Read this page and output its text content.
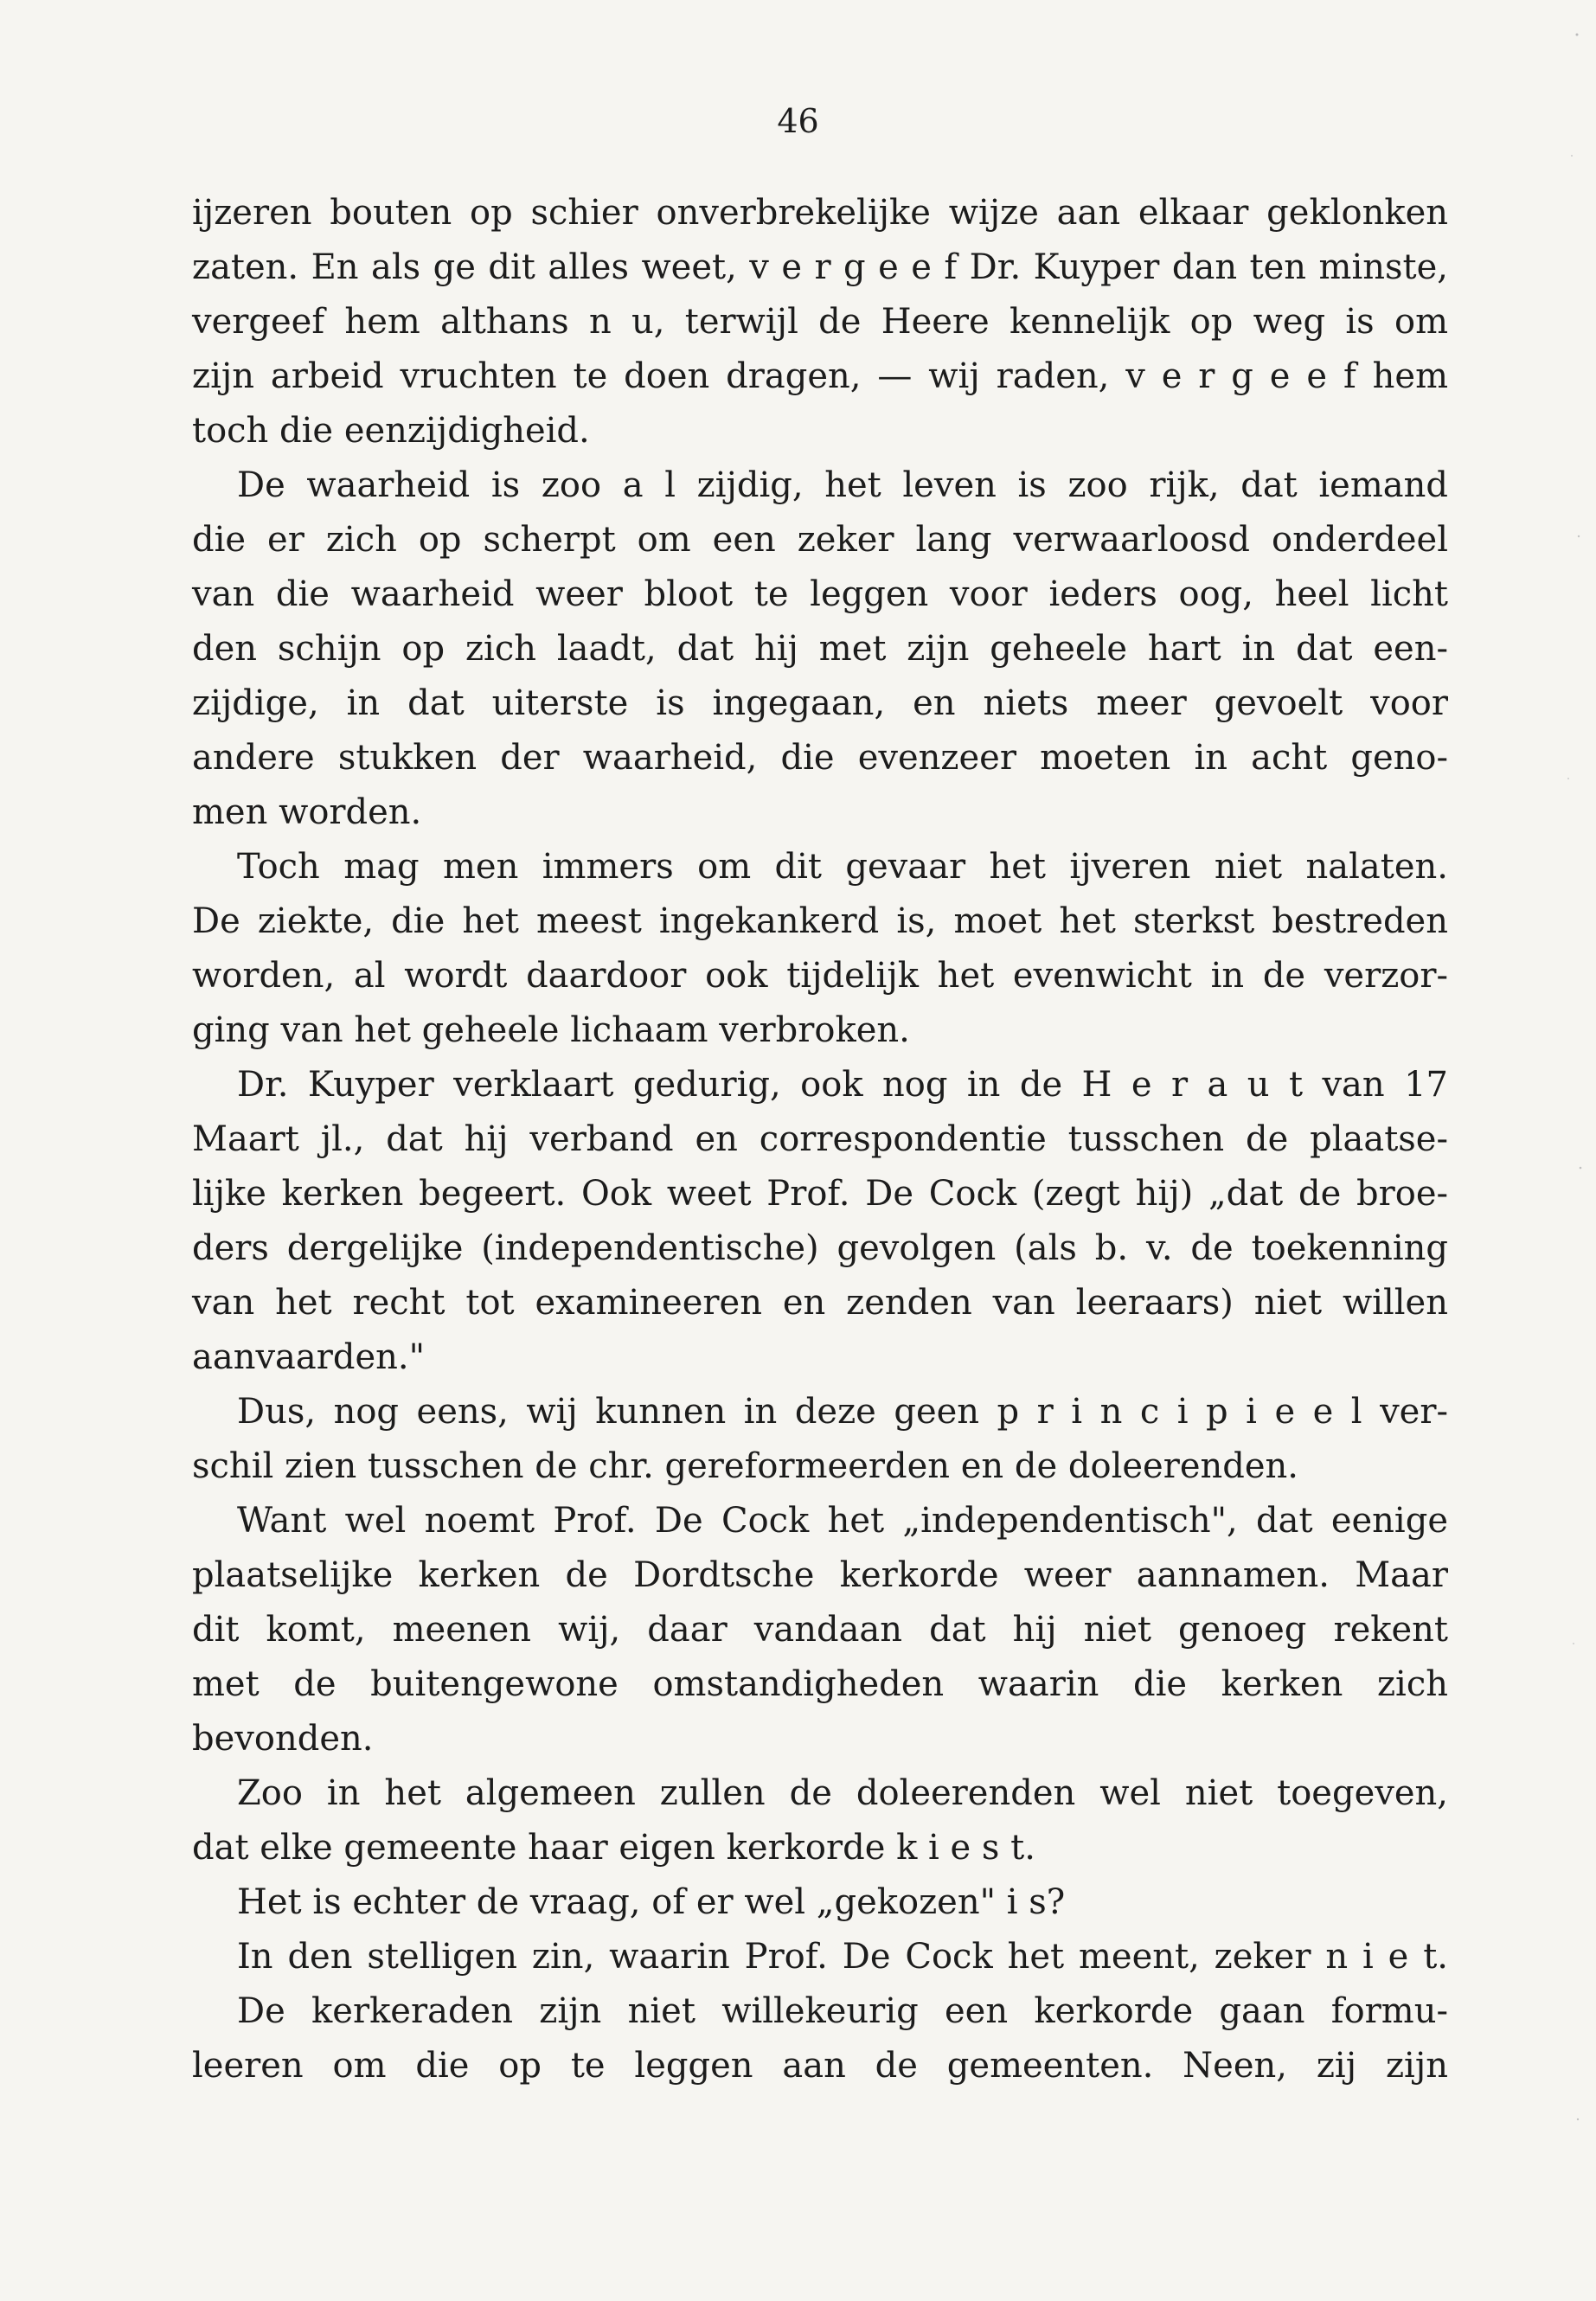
46
ijzeren bouten op schier onverbrekelijke wijze aan elkaar geklonken
zaten. En als ge dit alles weet, v e r g e e f Dr. Kuyper dan ten minste,
vergeef hem althans n u, terwijl de Heere kennelijk op weg is om
zijn arbeid vruchten te doen dragen, — wij raden, v e r g e e f hem
toch die eenzijdigheid.
De waarheid is zoo a l zijdig, het leven is zoo rijk, dat iemand
die er zich op scherpt om een zeker lang verwaarloosd onderdeel
van die waarheid weer bloot te leggen voor ieders oog, heel licht
den schijn op zich laadt, dat hij met zijn geheele hart in dat een-
zijdige, in dat uiterste is ingegaan, en niets meer gevoelt voor
andere stukken der waarheid, die evenzeer moeten in acht geno-
men worden.
Toch mag men immers om dit gevaar het ijveren niet nalaten.
De ziekte, die het meest ingekankerd is, moet het sterkst bestreden
worden, al wordt daardoor ook tijdelijk het evenwicht in de verzor-
ging van het geheele lichaam verbroken.
Dr. Kuyper verklaart gedurig, ook nog in de H e r a u t van 17
Maart jl., dat hij verband en correspondentie tusschen de plaatse-
lijke kerken begeert. Ook weet Prof. De Cock (zegt hij) „dat de broe-
ders dergelijke (independentische) gevolgen (als b. v. de toekenning
van het recht tot examineeren en zenden van leeraars) niet willen
aanvaarden."
Dus, nog eens, wij kunnen in deze geen p r i n c i p i e e l ver-
schil zien tusschen de chr. gereformeerden en de doleerenden.
Want wel noemt Prof. De Cock het „independentisch", dat eenige
plaatselijke kerken de Dordtsche kerkorde weer aannamen. Maar
dit komt, meenen wij, daar vandaan dat hij niet genoeg rekent
met de buitengewone omstandigheden waarin die kerken zich
bevonden.
Zoo in het algemeen zullen de doleerenden wel niet toegeven,
dat elke gemeente haar eigen kerkorde k i e s t.
Het is echter de vraag, of er wel „gekozen" i s?
In den stelligen zin, waarin Prof. De Cock het meent, zeker n i e t.
De kerkeraden zijn niet willekeurig een kerkorde gaan formu-
leeren om die op te leggen aan de gemeenten. Neen, zij zijn
